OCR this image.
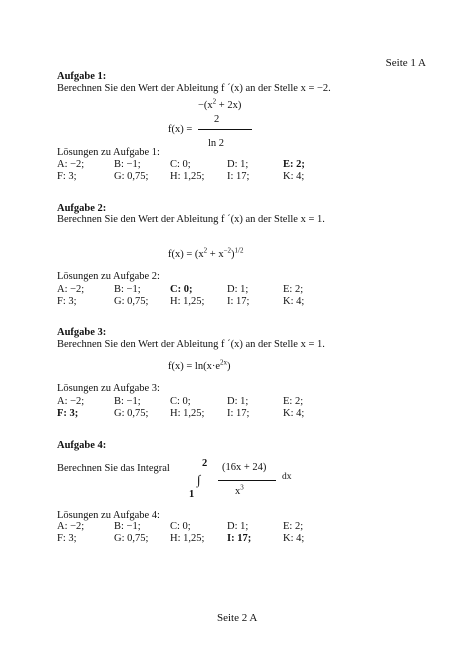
Seite 1 A
Aufgabe 1:
Berechnen Sie den Wert der Ableitung f ´(x) an der Stelle x = −2.
$-(x^2 + 2x)$
2
f(x) =
ln 2
Lösungen zu Aufgabe 1:
A: −2;	B: −1;	C: 0;	D: 1;	E: 2;
F: 3;	G: 0,75; H: 1,25; I: 17;	K: 4;
Aufgabe 2:
Berechnen Sie den Wert der Ableitung f ´(x) an der Stelle x = 1.
$f(x) = (x^2 + x^{-2})^{1/2}$
Lösungen zu Aufgabe 2:
A: −2;	B: −1;	C: 0;	D: 1;	E: 2;
F: 3;	G: 0,75; H: 1,25; I: 17;	K: 4;
Aufgabe 3:
Berechnen Sie den Wert der Ableitung f ´(x) an der Stelle x = 1.
$f(x) = \ln(x\cdot e^{2x})$
Lösungen zu Aufgabe 3:
A: −2;	B: −1;	C: 0;	D: 1;	E: 2;
F: 3;	G: 0,75; H: 1,25; I: 17;	K: 4;
Aufgabe 4:
Berechnen Sie das Integral	2
∫
1
(16x + 24)
$x^3$
dx
Lösungen zu Aufgabe 4:
A: −2;	B: −1;	C: 0;	D: 1;	E: 2;
F: 3;	G: 0,75; H: 1,25; I: 17;	K: 4;
Seite 2 A
